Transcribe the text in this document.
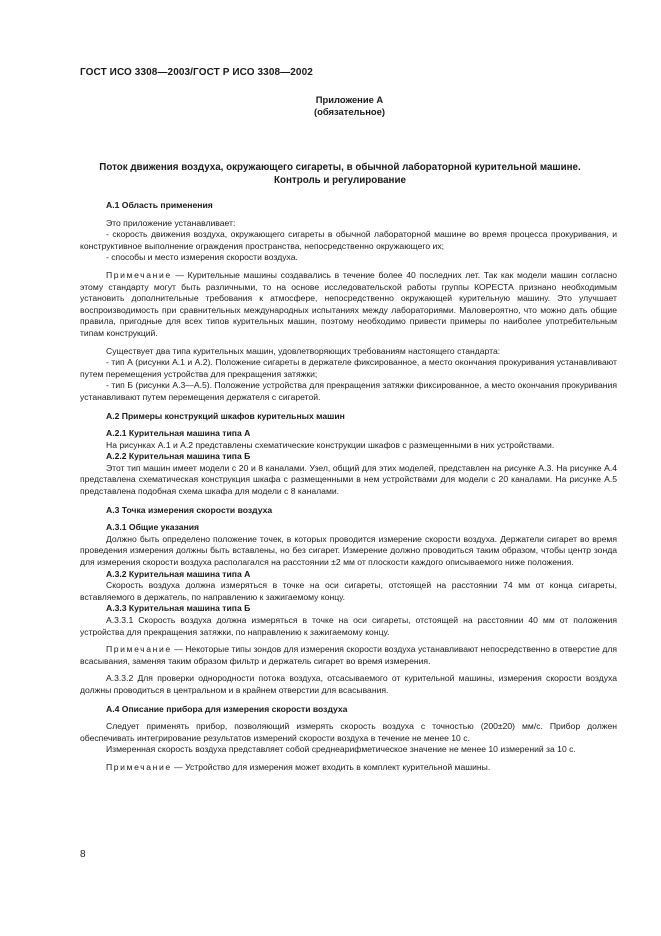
ГОСТ ИСО 3308—2003/ГОСТ Р ИСО 3308—2002
Приложение А
(обязательное)
Поток движения воздуха, окружающего сигареты, в обычной лабораторной курительной машине.
Контроль и регулирование
А.1 Область применения

Это приложение устанавливает:

- скорость движения воздуха, окружающего сигареты в обычной лабораторной машине во время процесса прокуривания, и конструктивное выполнение ограждения пространства, непосредственно окружающего их;

- способы и место измерения скорости воздуха.

Примечание — Курительные машины создавались в течение более 40 последних лет. Так как модели машин согласно этому стандарту могут быть различными, то на основе исследовательской работы группы КОРЕСТА признано необходимым установить дополнительные требования к атмосфере, непосредственно окружающей курительную машину. Это улучшает воспроизводимость при сравнительных международных испытаниях между лабораториями. Маловероятно, что можно дать общие правила, пригодные для всех типов курительных машин, поэтому необходимо привести примеры по наиболее употребительным типам конструкций.

Существует два типа курительных машин, удовлетворяющих требованиям настоящего стандарта:

- тип А (рисунки А.1 и А.2). Положение сигареты в держателе фиксированное, а место окончания прокуривания устанавливают путем перемещения устройства для прекращения затяжки;

- тип Б (рисунки А.3—А.5). Положение устройства для прекращения затяжки фиксированное, а место окончания прокуривания устанавливают путем перемещения держателя с сигаретой.

А.2 Примеры конструкций шкафов курительных машин
А.2.1 Курительная машина типа А

На рисунках А.1 и А.2 представлены схематические конструкции шкафов с размещенными в них устройствами.

А.2.2 Курительная машина типа Б

Этот тип машин имеет модели с 20 и 8 каналами. Узел, общий для этих моделей, представлен на рисунке А.3. На рисунке А.4 представлена схематическая конструкция шкафа с размещенными в нем устройствами для модели с 20 каналами. На рисунке А.5 представлена подобная схема шкафа для модели с 8 каналами.

А.3 Точка измерения скорости воздуха
А.3.1 Общие указания

Должно быть определено положение точек, в которых проводится измерение скорости воздуха. Держатели сигарет во время проведения измерения должны быть вставлены, но без сигарет. Измерение должно проводиться таким образом, чтобы центр зонда для измерения скорости воздуха располагался на расстоянии ±2 мм от плоскости каждого описываемого ниже положения.

А.3.2 Курительная машина типа А

Скорость воздуха должна измеряться в точке на оси сигареты, отстоящей на расстоянии 74 мм от конца сигареты, вставляемого в держатель, по направлению к зажигаемому концу.

А.3.3 Курительная машина типа Б

А.3.3.1 Скорость воздуха должна измеряться в точке на оси сигареты, отстоящей на расстоянии 40 мм от положения устройства для прекращения затяжки, по направлению к зажигаемому концу.

Примечание — Некоторые типы зондов для измерения скорости воздуха устанавливают непосредственно в отверстие для всасывания, заменяя таким образом фильтр и держатель сигарет во время измерения.

А.3.3.2 Для проверки однородности потока воздуха, отсасываемого от курительной машины, измерения скорости воздуха должны проводиться в центральном и в крайнем отверстии для всасывания.

А.4 Описание прибора для измерения скорости воздуха

Следует применять прибор, позволяющий измерять скорость воздуха с точностью (200±20) мм/с. Прибор должен обеспечивать интегрирование результатов измерений скорости воздуха в течение не менее 10 с.

Измеренная скорость воздуха представляет собой среднеарифметическое значение не менее 10 измерений за 10 с.

Примечание — Устройство для измерения может входить в комплект курительной машины.

8
